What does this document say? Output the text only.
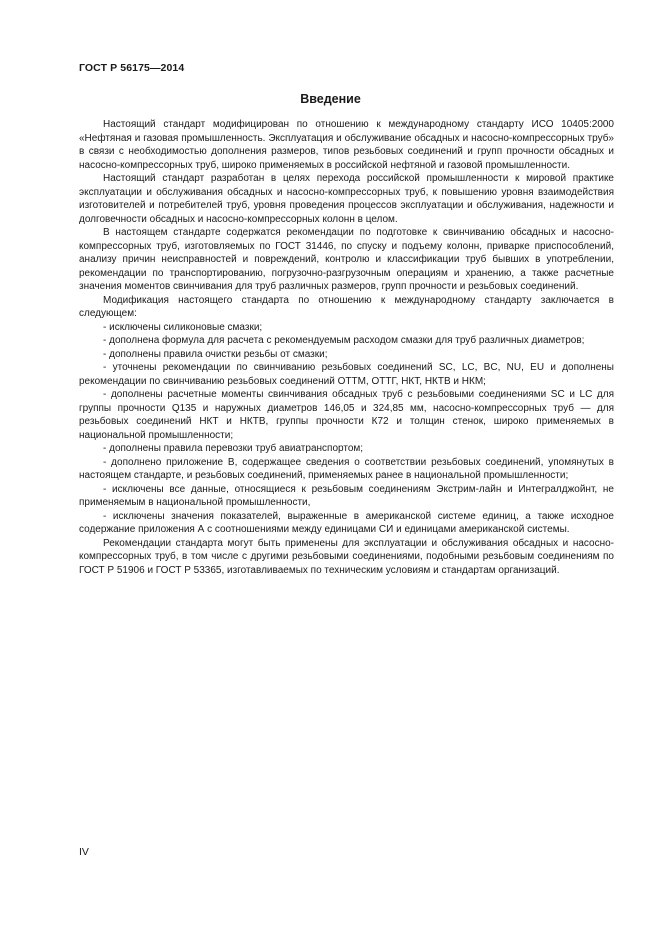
ГОСТ Р 56175—2014
Введение

Настоящий стандарт модифицирован по отношению к международному стандарту ИСО 10405:2000 «Нефтяная и газовая промышленность. Эксплуатация и обслуживание обсадных и насосно-компрессорных труб» в связи с необходимостью дополнения размеров, типов резьбовых соединений и групп прочности обсадных и насосно-компрессорных труб, широко применяемых в российской нефтяной и газовой промышленности.

Настоящий стандарт разработан в целях перехода российской промышленности к мировой практике эксплуатации и обслуживания обсадных и насосно-компрессорных труб, к повышению уровня взаимодействия изготовителей и потребителей труб, уровня проведения процессов эксплуатации и обслуживания, надежности и долговечности обсадных и насосно-компрессорных колонн в целом.

В настоящем стандарте содержатся рекомендации по подготовке к свинчиванию обсадных и насосно-компрессорных труб, изготовляемых по ГОСТ 31446, по спуску и подъему колонн, приварке приспособлений, анализу причин неисправностей и повреждений, контролю и классификации труб бывших в употреблении, рекомендации по транспортированию, погрузочно-разгрузочным операциям и хранению, а также расчетные значения моментов свинчивания для труб различных размеров, групп прочности и резьбовых соединений.

Модификация настоящего стандарта по отношению к международному стандарту заключается в следующем:

- исключены силиконовые смазки;

- дополнена формула для расчета с рекомендуемым расходом смазки для труб различных диаметров;

- дополнены правила очистки резьбы от смазки;

- уточнены рекомендации по свинчиванию резьбовых соединений SC, LC, BC, NU, EU и дополнены рекомендации по свинчиванию резьбовых соединений ОТТМ, ОТТГ, НКТ, НКТВ и НКМ;

- дополнены расчетные моменты свинчивания обсадных труб с резьбовыми соединениями SC и LC для группы прочности Q135 и наружных диаметров 146,05 и 324,85 мм, насосно-компрессорных труб — для резьбовых соединений НКТ и НКТВ, группы прочности К72 и толщин стенок, широко применяемых в национальной промышленности;

- дополнены правила перевозки труб авиатранспортом;

- дополнено приложение В, содержащее сведения о соответствии резьбовых соединений, упомянутых в настоящем стандарте, и резьбовых соединений, применяемых ранее в национальной промышленности;

- исключены все данные, относящиеся к резьбовым соединениям Экстрим-лайн и Интегралджойнт, не применяемым в национальной промышленности,

- исключены значения показателей, выраженные в американской системе единиц, а также исходное содержание приложения А с соотношениями между единицами СИ и единицами американской системы.

Рекомендации стандарта могут быть применены для эксплуатации и обслуживания обсадных и насосно-компрессорных труб, в том числе с другими резьбовыми соединениями, подобными резьбовым соединениям по ГОСТ Р 51906 и ГОСТ Р 53365, изготавливаемых по техническим условиям и стандартам организаций.

IV
